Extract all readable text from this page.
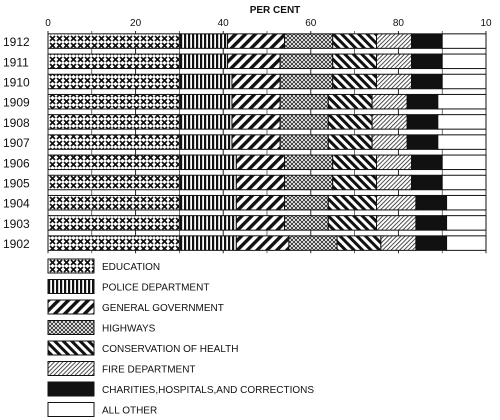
PER CENT
0	20	40	60	80	10
EDUCATION
POLICE DEPARTMENT
GENERAL GOVERNMENT
HIGHWAYS
CONSERVATION OF HEALTH
FIRE DEPARTMENT
CHARITIES,HOSPITALS,AND CORRECTIONS
ALL OTHER
1912
1911
1910
1909
1908
1907
1906
1905
1904
1903
1902
